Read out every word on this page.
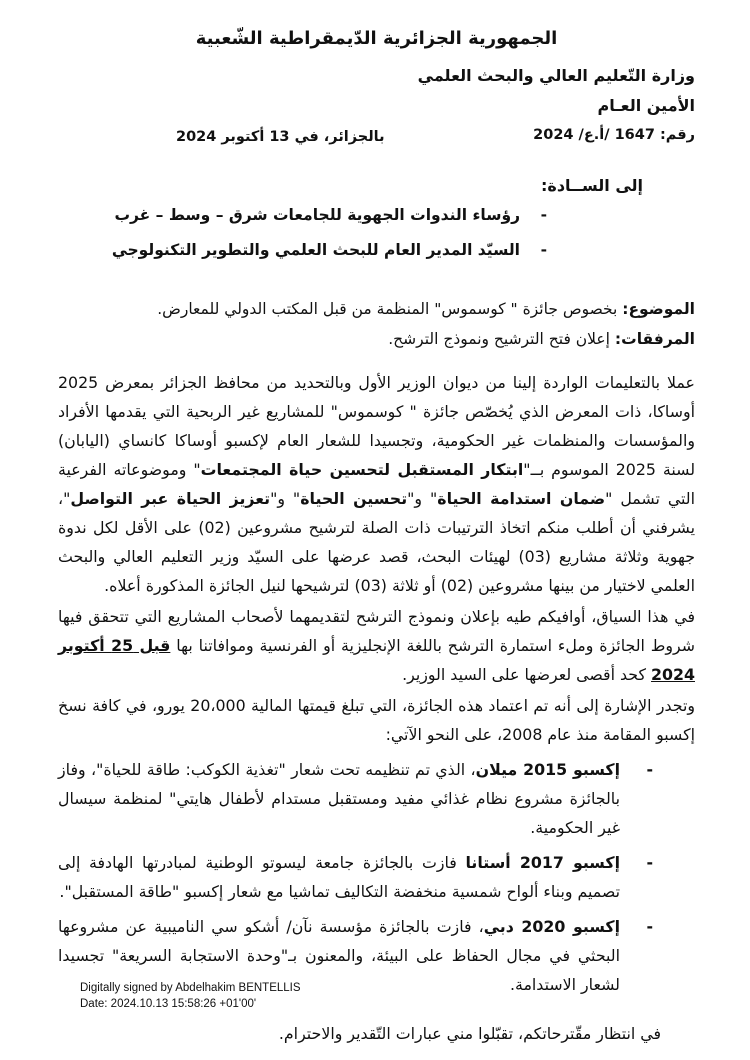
الجمهورية الجزائرية الدّيمقراطية الشّعبية
وزارة التّعليم العالي والبحث العلمي
الأمين العـام
رقم: 1647 /أ.ع/ 2024
بالجزائر، في 13 أكتوبر 2024
إلى الســادة:
-
رؤساء الندوات الجهوية للجامعات شرق – وسط – غرب
-
السيّد المدير العام للبحث العلمي والتطوير التكنولوجي
الموضوع: بخصوص جائزة " كوسموس" المنظمة من قبل المكتب الدولي للمعارض.
المرفقات: إعلان فتح الترشيح ونموذج الترشح.

عملا بالتعليمات الواردة إلينا من ديوان الوزير الأول وبالتحديد من محافظ الجزائر بمعرض 2025 أوساكا، ذات المعرض الذي يُخصّص جائزة " كوسموس" للمشاريع غير الربحية التي يقدمها الأفراد والمؤسسات والمنظمات غير الحكومية، وتجسيدا للشعار العام لإكسبو أوساكا كانساي (اليابان) لسنة 2025 الموسوم بــ"ابتكار المستقبل لتحسين حياة المجتمعات" وموضوعاته الفرعية التي تشمل "ضمان استدامة الحياة" و"تحسين الحياة" و"تعزيز الحياة عبر التواصل"، يشرفني أن أطلب منكم اتخاذ الترتيبات ذات الصلة لترشيح مشروعين (02) على الأقل لكل ندوة جهوية وثلاثة مشاريع (03) لهيئات البحث، قصد عرضها على السيّد وزير التعليم العالي والبحث العلمي لاختيار من بينها مشروعين (02) أو ثلاثة (03) لترشيحها لنيل الجائزة المذكورة أعلاه.

في هذا السياق، أوافيكم طيه بإعلان ونموذج الترشح لتقديمهما لأصحاب المشاريع التي تتحقق فيها شروط الجائزة وملء استمارة الترشح باللغة الإنجليزية أو الفرنسية وموافاتنا بها قبل 25 أكتوبر 2024 كحد أقصى لعرضها على السيد الوزير.

وتجدر الإشارة إلى أنه تم اعتماد هذه الجائزة، التي تبلغ قيمتها المالية 20،000 يورو، في كافة نسخ إكسبو المقامة منذ عام 2008، على النحو الآتي:

-
إكسبو 2015 ميلان، الذي تم تنظيمه تحت شعار "تغذية الكوكب: طاقة للحياة"، وفاز بالجائزة مشروع نظام غذائي مفيد ومستقبل مستدام لأطفال هايتي" لمنظمة سيسال غير الحكومية.
-
إكسبو 2017 أستانا فازت بالجائزة جامعة ليسوتو الوطنية لمبادرتها الهادفة إلى تصميم وبناء ألواح شمسية منخفضة التكاليف تماشيا مع شعار إكسبو "طاقة المستقبل".
-
إكسبو 2020 دبي، فازت بالجائزة مؤسسة نآن/ أشكو سي الناميبية عن مشروعها البحثي في مجال الحفاظ على البيئة، والمعنون بـ"وحدة الاستجابة السريعة" تجسيدا لشعار الاستدامة.
في انتظار مقّترحاتكم، تقبّلوا مني عبارات التّقدير والاحترام.
Digitally signed by Abdelhakim BENTELLIS
Date: 2024.10.13 15:58:26 +01'00'
